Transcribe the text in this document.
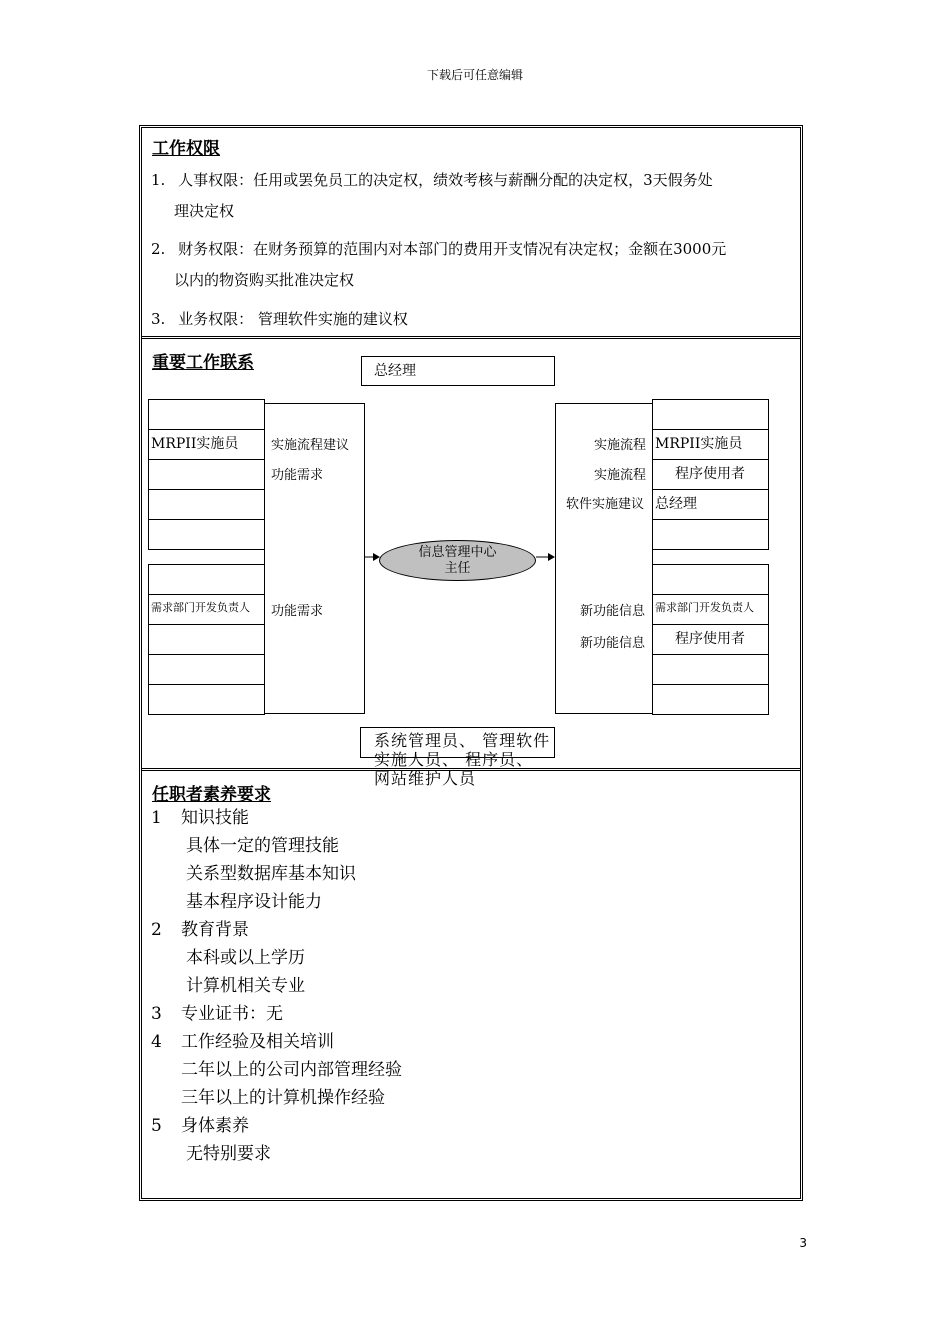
下载后可任意编辑
3
工作权限
1. 人事权限：任用或罢免员工的决定权，绩效考核与薪酬分配的决定权，3天假务处
理决定权
2. 财务权限：在财务预算的范围内对本部门的费用开支情况有决定权；金额在3000元
以内的物资购买批准决定权
3. 业务权限： 管理软件实施的建议权
重要工作联系	总经理
MRPII实施员
需求部门开发负责人
实施流程建议
功能需求
功能需求
实施流程
实施流程
软件实施建议
新功能信息
新功能信息
MRPII实施员
程序使用者
总经理
需求部门开发负责人
程序使用者
信息管理中心
主任
系统管理员、 管理软件实施人员、 程序员、 网站维护人员
任职者素养要求
1 知识技能
具体一定的管理技能
关系型数据库基本知识
基本程序设计能力
2 教育背景
本科或以上学历
计算机相关专业
3 专业证书：无
4 工作经验及相关培训
二年以上的公司内部管理经验
三年以上的计算机操作经验
5 身体素养
无特别要求
